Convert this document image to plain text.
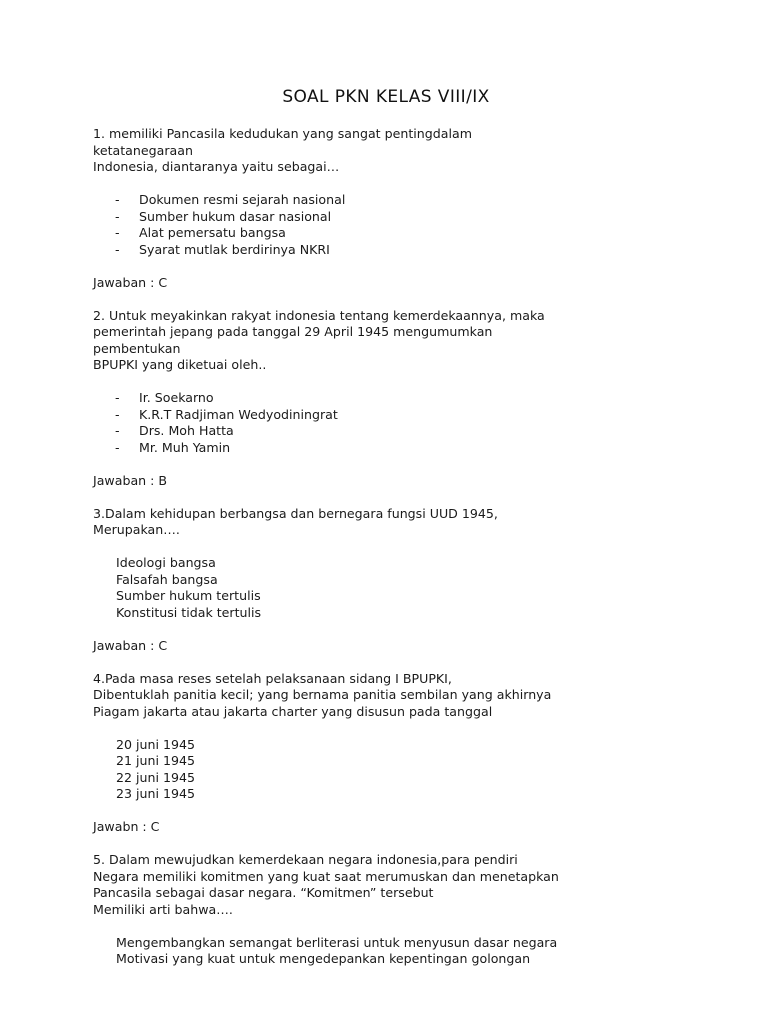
SOAL PKN KELAS VIII/IX

1. memiliki Pancasila kedudukan yang sangat pentingdalam ketatanegaraan
Indonesia, diantaranya yaitu sebagai…

- Dokumen resmi sejarah nasional
- Sumber hukum dasar nasional
- Alat pemersatu bangsa
- Syarat mutlak berdirinya NKRI

Jawaban : C

2. Untuk meyakinkan rakyat indonesia tentang kemerdekaannya, maka
pemerintah jepang pada tanggal 29 April 1945 mengumumkan pembentukan
BPUPKI yang diketuai oleh..

- Ir. Soekarno
- K.R.T Radjiman Wedyodiningrat
- Drs. Moh Hatta
- Mr. Muh Yamin

Jawaban : B

3.Dalam kehidupan berbangsa dan bernegara fungsi UUD 1945,
Merupakan….

Ideologi bangsa
Falsafah bangsa
Sumber hukum tertulis
Konstitusi tidak tertulis

Jawaban : C

4.Pada masa reses setelah pelaksanaan sidang I BPUPKI,
Dibentuklah panitia kecil; yang bernama panitia sembilan yang akhirnya
Piagam jakarta atau jakarta charter yang disusun pada tanggal

20 juni 1945
21 juni 1945
22 juni 1945
23 juni 1945

Jawabn : C

5. Dalam mewujudkan kemerdekaan negara indonesia,para pendiri
Negara memiliki komitmen yang kuat saat merumuskan dan menetapkan
Pancasila sebagai dasar negara. “Komitmen” tersebut
Memiliki arti bahwa….

Mengembangkan semangat berliterasi untuk menyusun dasar negara
Motivasi yang kuat untuk mengedepankan kepentingan golongan
